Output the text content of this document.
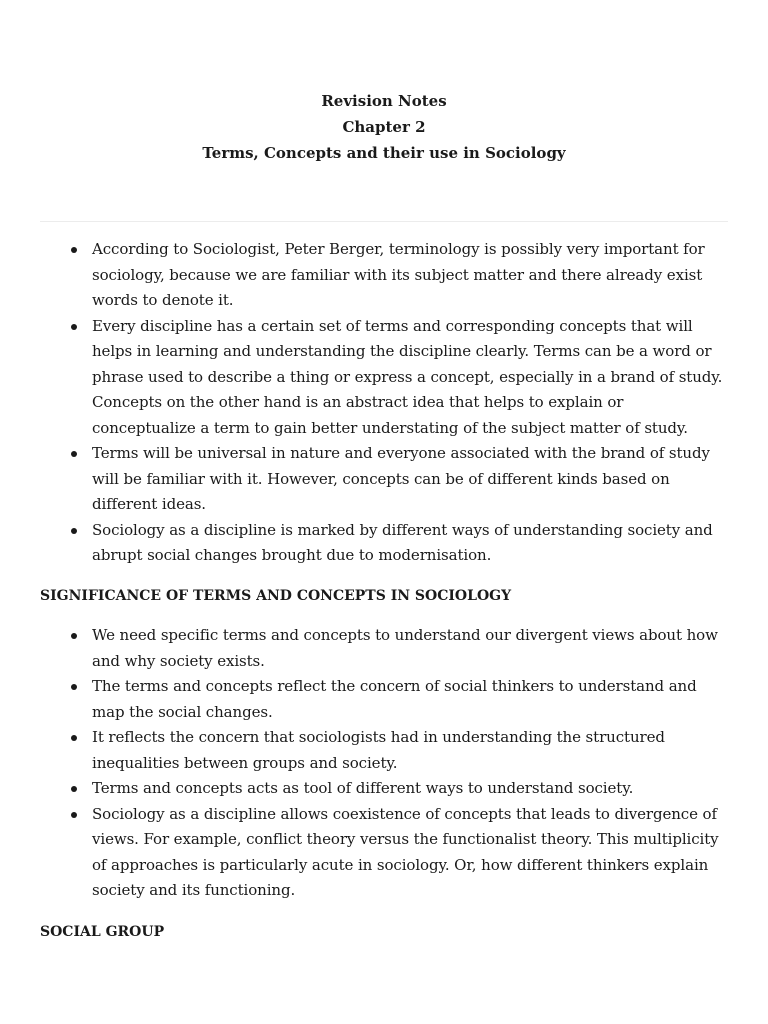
Revision Notes
Chapter 2
Terms, Concepts and their use in Sociology
According to Sociologist, Peter Berger, terminology is possibly very important for sociology, because we are familiar with its subject matter and there already exist words to denote it.
Every discipline has a certain set of terms and corresponding concepts that will helps in learning and understanding the discipline clearly. Terms can be a word or phrase used to describe a thing or express a concept, especially in a brand of study. Concepts on the other hand is an abstract idea that helps to explain or conceptualize a term to gain better understating of the subject matter of study.
Terms will be universal in nature and everyone associated with the brand of study will be familiar with it. However, concepts can be of different kinds based on different ideas.
Sociology as a discipline is marked by different ways of understanding society and abrupt social changes brought due to modernisation.
SIGNIFICANCE OF TERMS AND CONCEPTS IN SOCIOLOGY
We need specific terms and concepts to understand our divergent views about how and why society exists.
The terms and concepts reflect the concern of social thinkers to understand and map the social changes.
It reflects the concern that sociologists had in understanding the structured inequalities between groups and society.
Terms and concepts acts as tool of different ways to understand society.
Sociology as a discipline allows coexistence of concepts that leads to divergence of views. For example, conflict theory versus the functionalist theory. This multiplicity of approaches is particularly acute in sociology. Or, how different thinkers explain society and its functioning.
SOCIAL GROUP
